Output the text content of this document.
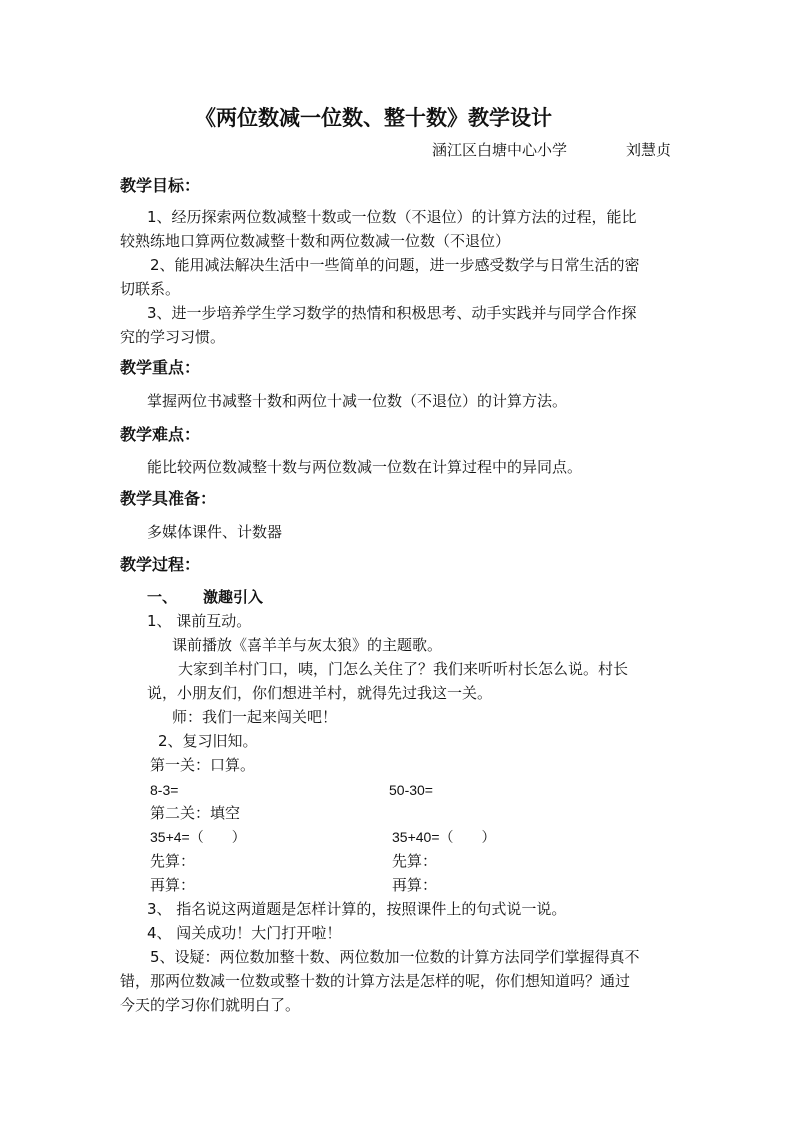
《两位数减一位数、整十数》教学设计
涵江区白塘中心小学	刘慧贞
教学目标：
1、经历探索两位数减整十数或一位数（不退位）的计算方法的过程，能比
较熟练地口算两位数减整十数和两位数减一位数（不退位）
2、能用减法解决生活中一些简单的问题，进一步感受数学与日常生活的密
切联系。
3、进一步培养学生学习数学的热情和积极思考、动手实践并与同学合作探
究的学习习惯。
教学重点：
掌握两位书减整十数和两位十减一位数（不退位）的计算方法。
教学难点：
能比较两位数减整十数与两位数减一位数在计算过程中的异同点。
教学具准备：
多媒体课件、计数器
教学过程：
一、 激趣引入
1、 课前互动。
课前播放《喜羊羊与灰太狼》的主题歌。
大家到羊村门口，咦，门怎么关住了？我们来听听村长怎么说。村长
说，小朋友们，你们想进羊村，就得先过我这一关。
师：我们一起来闯关吧！
2、复习旧知。
第一关：口算。
8-3=	50-30=
第二关：填空
35+4=（　　）	35+40=（　　）
先算：	先算：
再算：	再算：
3、 指名说这两道题是怎样计算的，按照课件上的句式说一说。
4、 闯关成功！大门打开啦！
5、设疑：两位数加整十数、两位数加一位数的计算方法同学们掌握得真不
错，那两位数减一位数或整十数的计算方法是怎样的呢，你们想知道吗？通过
今天的学习你们就明白了。
